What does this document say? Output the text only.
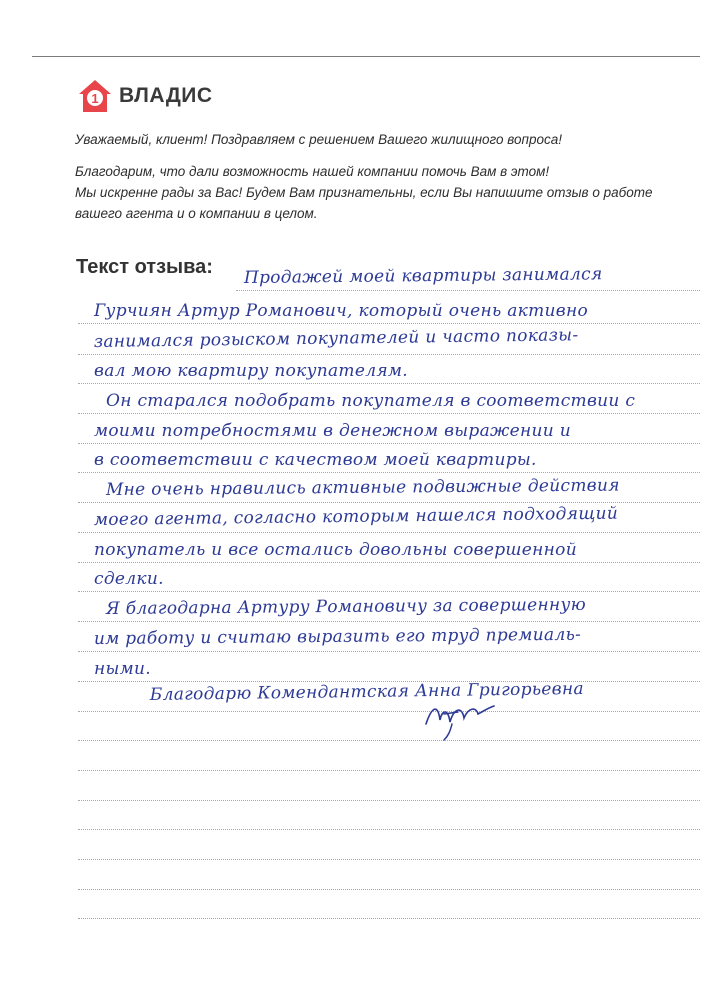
1 ВЛАДИС
Уважаемый, клиент! Поздравляем с решением Вашего жилищного вопроса!
Благодарим, что дали возможность нашей компании помочь Вам в этом!
Мы искренне рады за Вас! Будем Вам признательны, если Вы напишите отзыв о работе
вашего агента и о компании в целом.
Текст отзыва: Продажей моей квартиры занимался
Гурчиян Артур Романович, который очень активно
занимался розыском покупателей и часто показы-
вал мою квартиру покупателям.
Он старался подобрать покупателя в соответствии с
моими потребностями в денежном выражении и
в соответствии с качеством моей квартиры.
Мне очень нравились активные подвижные действия
моего агента, согласно которым нашелся подходящий
покупатель и все остались довольны совершенной
сделки.
Я благодарна Артуру Романовичу за совершенную
им работу и считаю выразить его труд премиаль-
ными.
Благодарю Комендантская Анна Григорьевна
